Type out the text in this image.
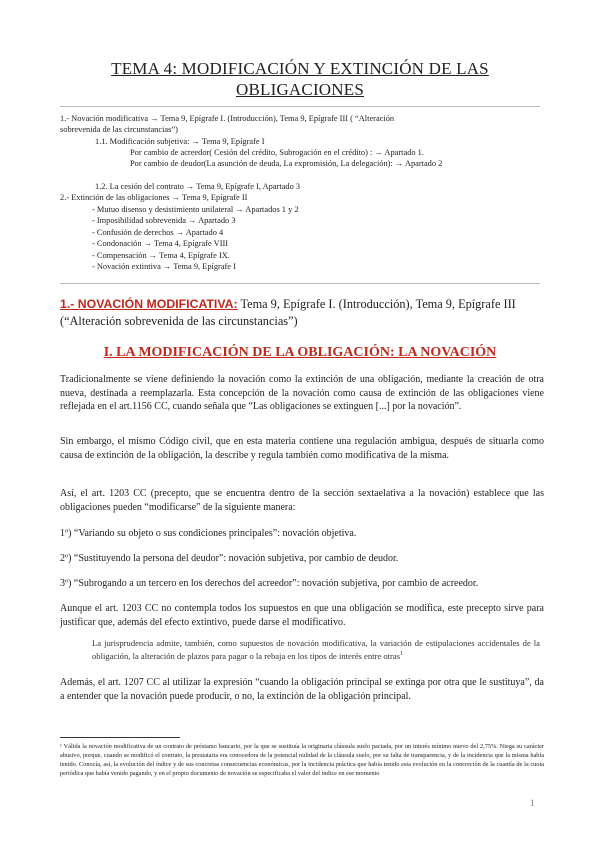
TEMA 4: MODIFICACIÓN Y EXTINCIÓN DE LAS
OBLIGACIONES
1.- Novación modificativa → Tema 9, Epígrafe I. (Introducción), Tema 9, Epígrafe III ( “Alteración
sobrevenida de las circunstancias”)
1.1. Modificación subjetiva: → Tema 9, Epígrafe I
Por cambio de acreedor( Cesión del crédito, Subrogación en el crédito) : → Apartado 1.
Por cambio de deudor(La asunción de deuda, La expromisión, La delegación): → Apartado 2
1.2. La cesión del contrato → Tema 9, Epígrafe I, Apartado 3
2.- Extinción de las obligaciones → Tema 9, Epígrafe II
- Mutuo disenso y desistimiento unilateral → Apartados 1 y 2
- Imposibilidad sobrevenida → Apartado 3
- Confusión de derechos → Apartado 4
- Condonación → Tema 4, Epígrafe VIII
- Compensación → Tema 4, Epígrafe IX.
- Novación extintiva → Tema 9, Epígrafe I
1.- NOVACIÓN MODIFICATIVA: Tema 9, Epígrafe I. (Introducción), Tema 9, Epígrafe III (“Alteración sobrevenida de las circunstancias”)
I. LA MODIFICACIÓN DE LA OBLIGACIÓN: LA NOVACIÓN
Tradicionalmente se viene definiendo la novación como la extinción de una obligación, mediante la creación de otra nueva, destinada a reemplazarla. Esta concepción de la novación como causa de extinción de las obligaciones viene reflejada en el art.1156 CC, cuando señala que “Las obligaciones se extinguen [...] por la novación”.
Sin embargo, el mismo Código civil, que en esta materia contiene una regulación ambigua, después de situarla como causa de extinción de la obligación, la describe y regula también como modificativa de la misma.
Así, el art. 1203 CC (precepto, que se encuentra dentro de la sección sextaelativa a la novación) establece que las obligaciones pueden “modificarse” de la siguiente manera:
1º) “Variando su objeto o sus condiciones principales”: novación objetiva.
2º) “Sustituyendo la persona del deudor”: novación subjetiva, por cambio de deudor.
3º) “Subrogando a un tercero en los derechos del acreedor”: novación subjetiva, por cambio de acreedor.
Aunque el art. 1203 CC no contempla todos los supuestos en que una obligación se modifica, este precepto sirve para justificar que, además del efecto extintivo, puede darse el modificativo.
La jurisprudencia admite, también, como supuestos de novación modificativa, la variación de estipulaciones accidentales de la obligación, la alteración de plazos para pagar o la rebaja en los tipos de interés entre otras$^1$
Además, el art. 1207 CC al utilizar la expresión “cuando la obligación principal se extinga por otra que le sustituya”, da a entender que la novación puede producir, o no, la extinción de la obligación principal.
¹ Válida la novación modificativa de un contrato de préstamo bancario, por la que se sustituía la originaria cláusula suelo pactada, por un interés mínimo nuevo del 2,75%. Niega su carácter abusivo, porque, cuando se modificó el contrato, la prestataria era conocedora de la potencial nulidad de la cláusula suelo, por su falta de transparencia, y de la incidencia que la misma había tenido. Conocía, así, la evolución del índice y de sus concretas consecuencias económicas, por la incidencia práctica que había tenido esta evolución en la concreción de la cuantía de la cuota periódica que había venido pagando, y en el propio documento de novación se especificaba el valor del índice en ese momento
1
